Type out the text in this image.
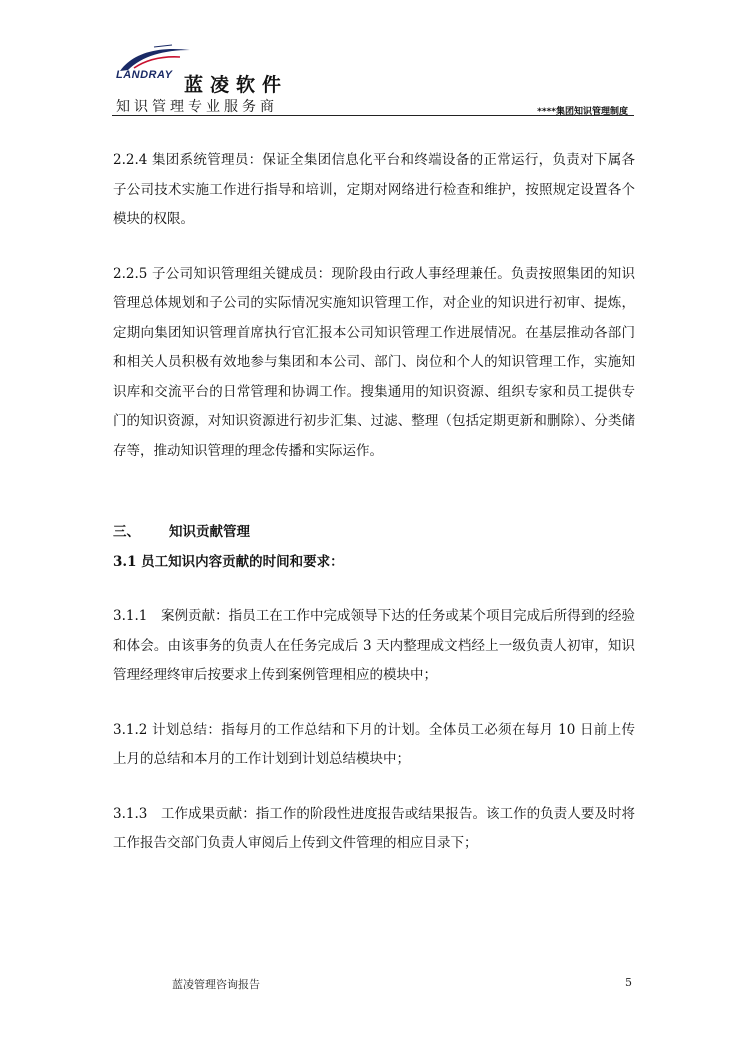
LANDRAY 蓝凌软件
知识管理专业服务商	****集团知识管理制度

2.2.4 集团系统管理员：保证全集团信息化平台和终端设备的正常运行，负责对下属各子公司技术实施工作进行指导和培训，定期对网络进行检查和维护，按照规定设置各个模块的权限。

2.2.5 子公司知识管理组关键成员：现阶段由行政人事经理兼任。负责按照集团的知识管理总体规划和子公司的实际情况实施知识管理工作，对企业的知识进行初审、提炼，定期向集团知识管理首席执行官汇报本公司知识管理工作进展情况。在基层推动各部门和相关人员积极有效地参与集团和本公司、部门、岗位和个人的知识管理工作，实施知识库和交流平台的日常管理和协调工作。搜集通用的知识资源、组织专家和员工提供专门的知识资源，对知识资源进行初步汇集、过滤、整理（包括定期更新和删除）、分类储存等，推动知识管理的理念传播和实际运作。

三、 知识贡献管理

3.1 员工知识内容贡献的时间和要求：

3.1.1　案例贡献：指员工在工作中完成领导下达的任务或某个项目完成后所得到的经验和体会。由该事务的负责人在任务完成后 3 天内整理成文档经上一级负责人初审，知识管理经理终审后按要求上传到案例管理相应的模块中；

3.1.2 计划总结：指每月的工作总结和下月的计划。全体员工必须在每月 10 日前上传上月的总结和本月的工作计划到计划总结模块中；

3.1.3　工作成果贡献：指工作的阶段性进度报告或结果报告。该工作的负责人要及时将工作报告交部门负责人审阅后上传到文件管理的相应目录下；

蓝凌管理咨询报告	5
